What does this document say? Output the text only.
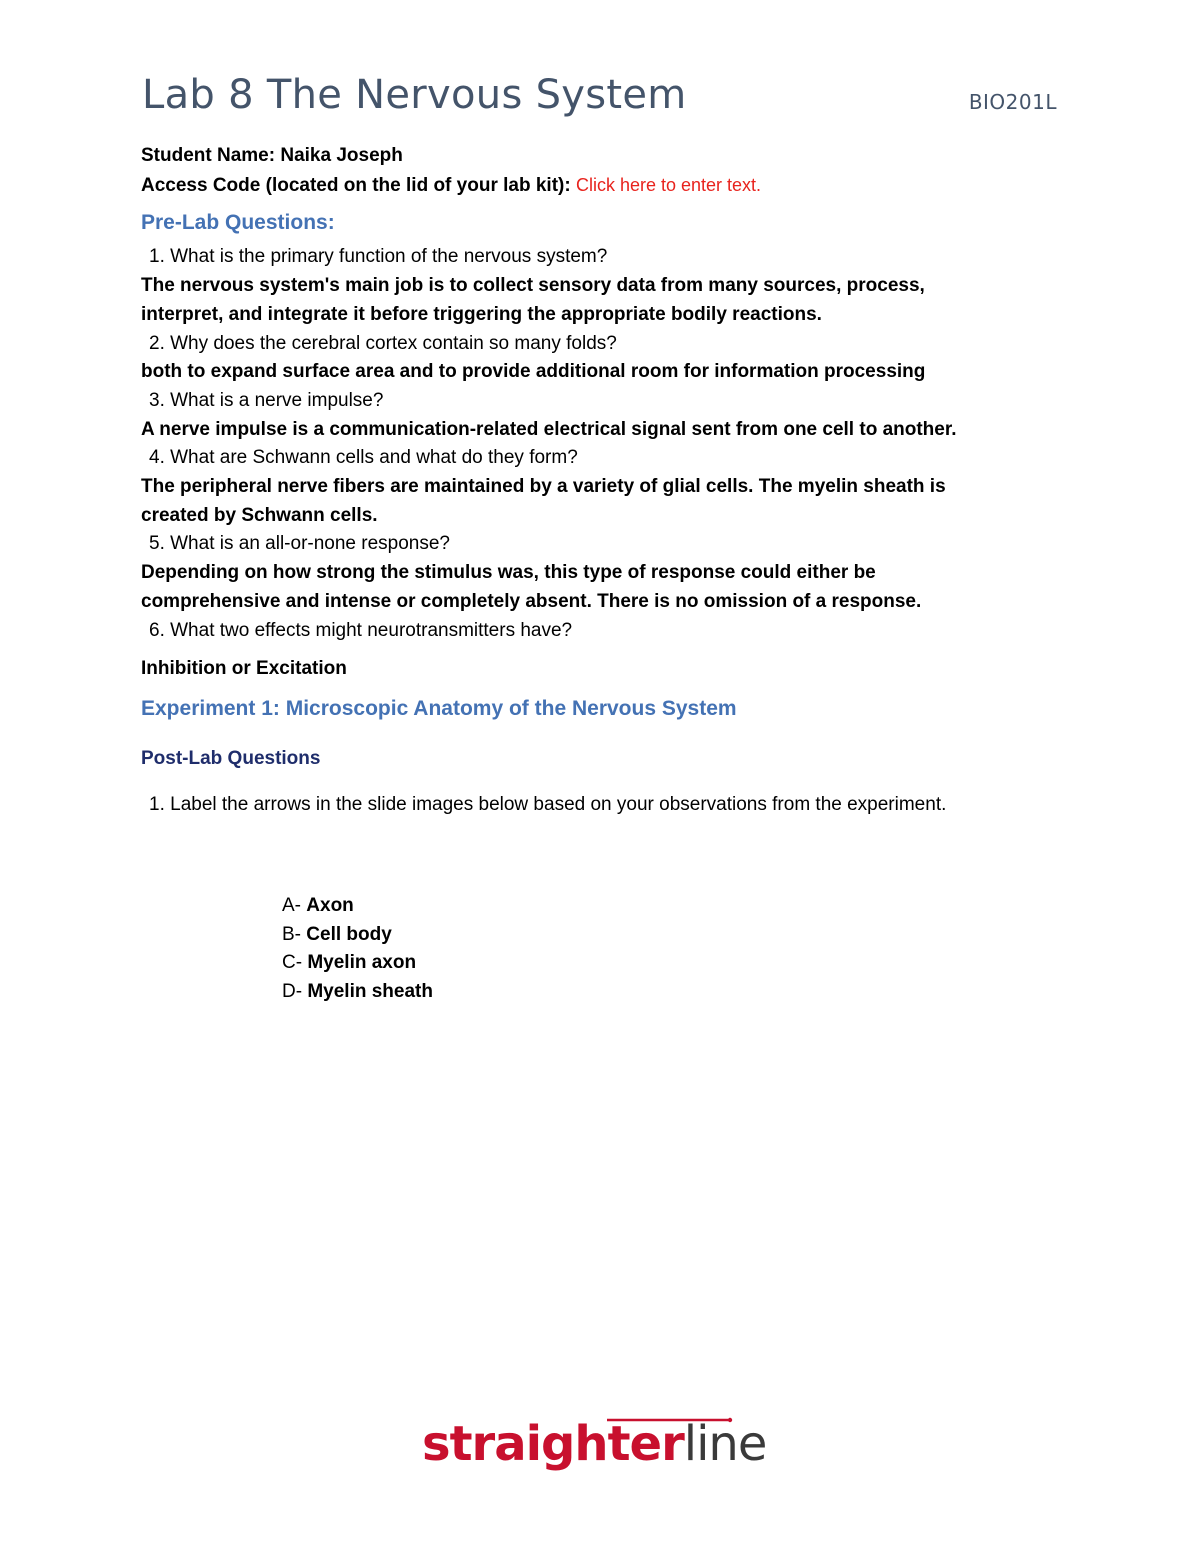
Lab 8 The Nervous System	BIO201L
Student Name: Naika Joseph
Access Code (located on the lid of your lab kit): Click here to enter text.
Pre-Lab Questions:
1. What is the primary function of the nervous system?
The nervous system's main job is to collect sensory data from many sources, process,
interpret, and integrate it before triggering the appropriate bodily reactions.
2. Why does the cerebral cortex contain so many folds?
both to expand surface area and to provide additional room for information processing
3. What is a nerve impulse?
A nerve impulse is a communication-related electrical signal sent from one cell to another.
4. What are Schwann cells and what do they form?
The peripheral nerve fibers are maintained by a variety of glial cells. The myelin sheath is
created by Schwann cells.
5. What is an all-or-none response?
Depending on how strong the stimulus was, this type of response could either be
comprehensive and intense or completely absent. There is no omission of a response.
6. What two effects might neurotransmitters have?
Inhibition or Excitation
Experiment 1: Microscopic Anatomy of the Nervous System
Post-Lab Questions
1. Label the arrows in the slide images below based on your observations from the experiment.
A- Axon
B- Cell body
C- Myelin axon
D- Myelin sheath
straighterline
